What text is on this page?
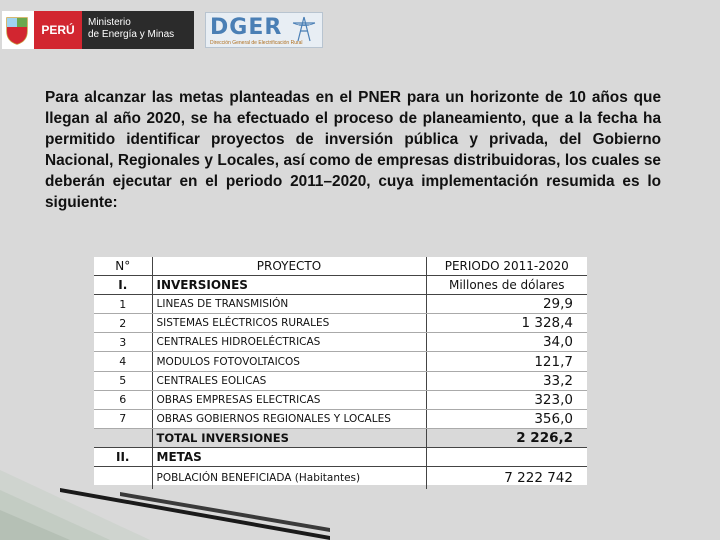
PERÚ
Ministerio
de Energía y Minas	DGER
Dirección General de Electrificación Rural

Para alcanzar las metas planteadas en el PNER para un horizonte de 10 años que llegan al año 2020, se ha efectuado el proceso de planeamiento, que a la fecha ha permitido identificar proyectos de inversión pública y privada, del Gobierno Nacional, Regionales y Locales, así como de empresas distribuidoras, los cuales se deberán ejecutar en el periodo 2011–2020, cuya implementación resumida es lo siguiente:

N°	PROYECTO	PERIODO 2011-2020
I.	INVERSIONES	Millones de dólares
1	LINEAS DE TRANSMISIÓN	29,9
2	SISTEMAS ELÉCTRICOS RURALES	1 328,4
3	CENTRALES HIDROELÉCTRICAS	34,0
4	MODULOS FOTOVOLTAICOS	121,7
5	CENTRALES EOLICAS	33,2
6	OBRAS EMPRESAS ELECTRICAS	323,0
7	OBRAS GOBIERNOS REGIONALES Y LOCALES	356,0
	TOTAL INVERSIONES	2 226,2
II.	METAS	
	POBLACIÓN BENEFICIADA (Habitantes)	7 222 742
